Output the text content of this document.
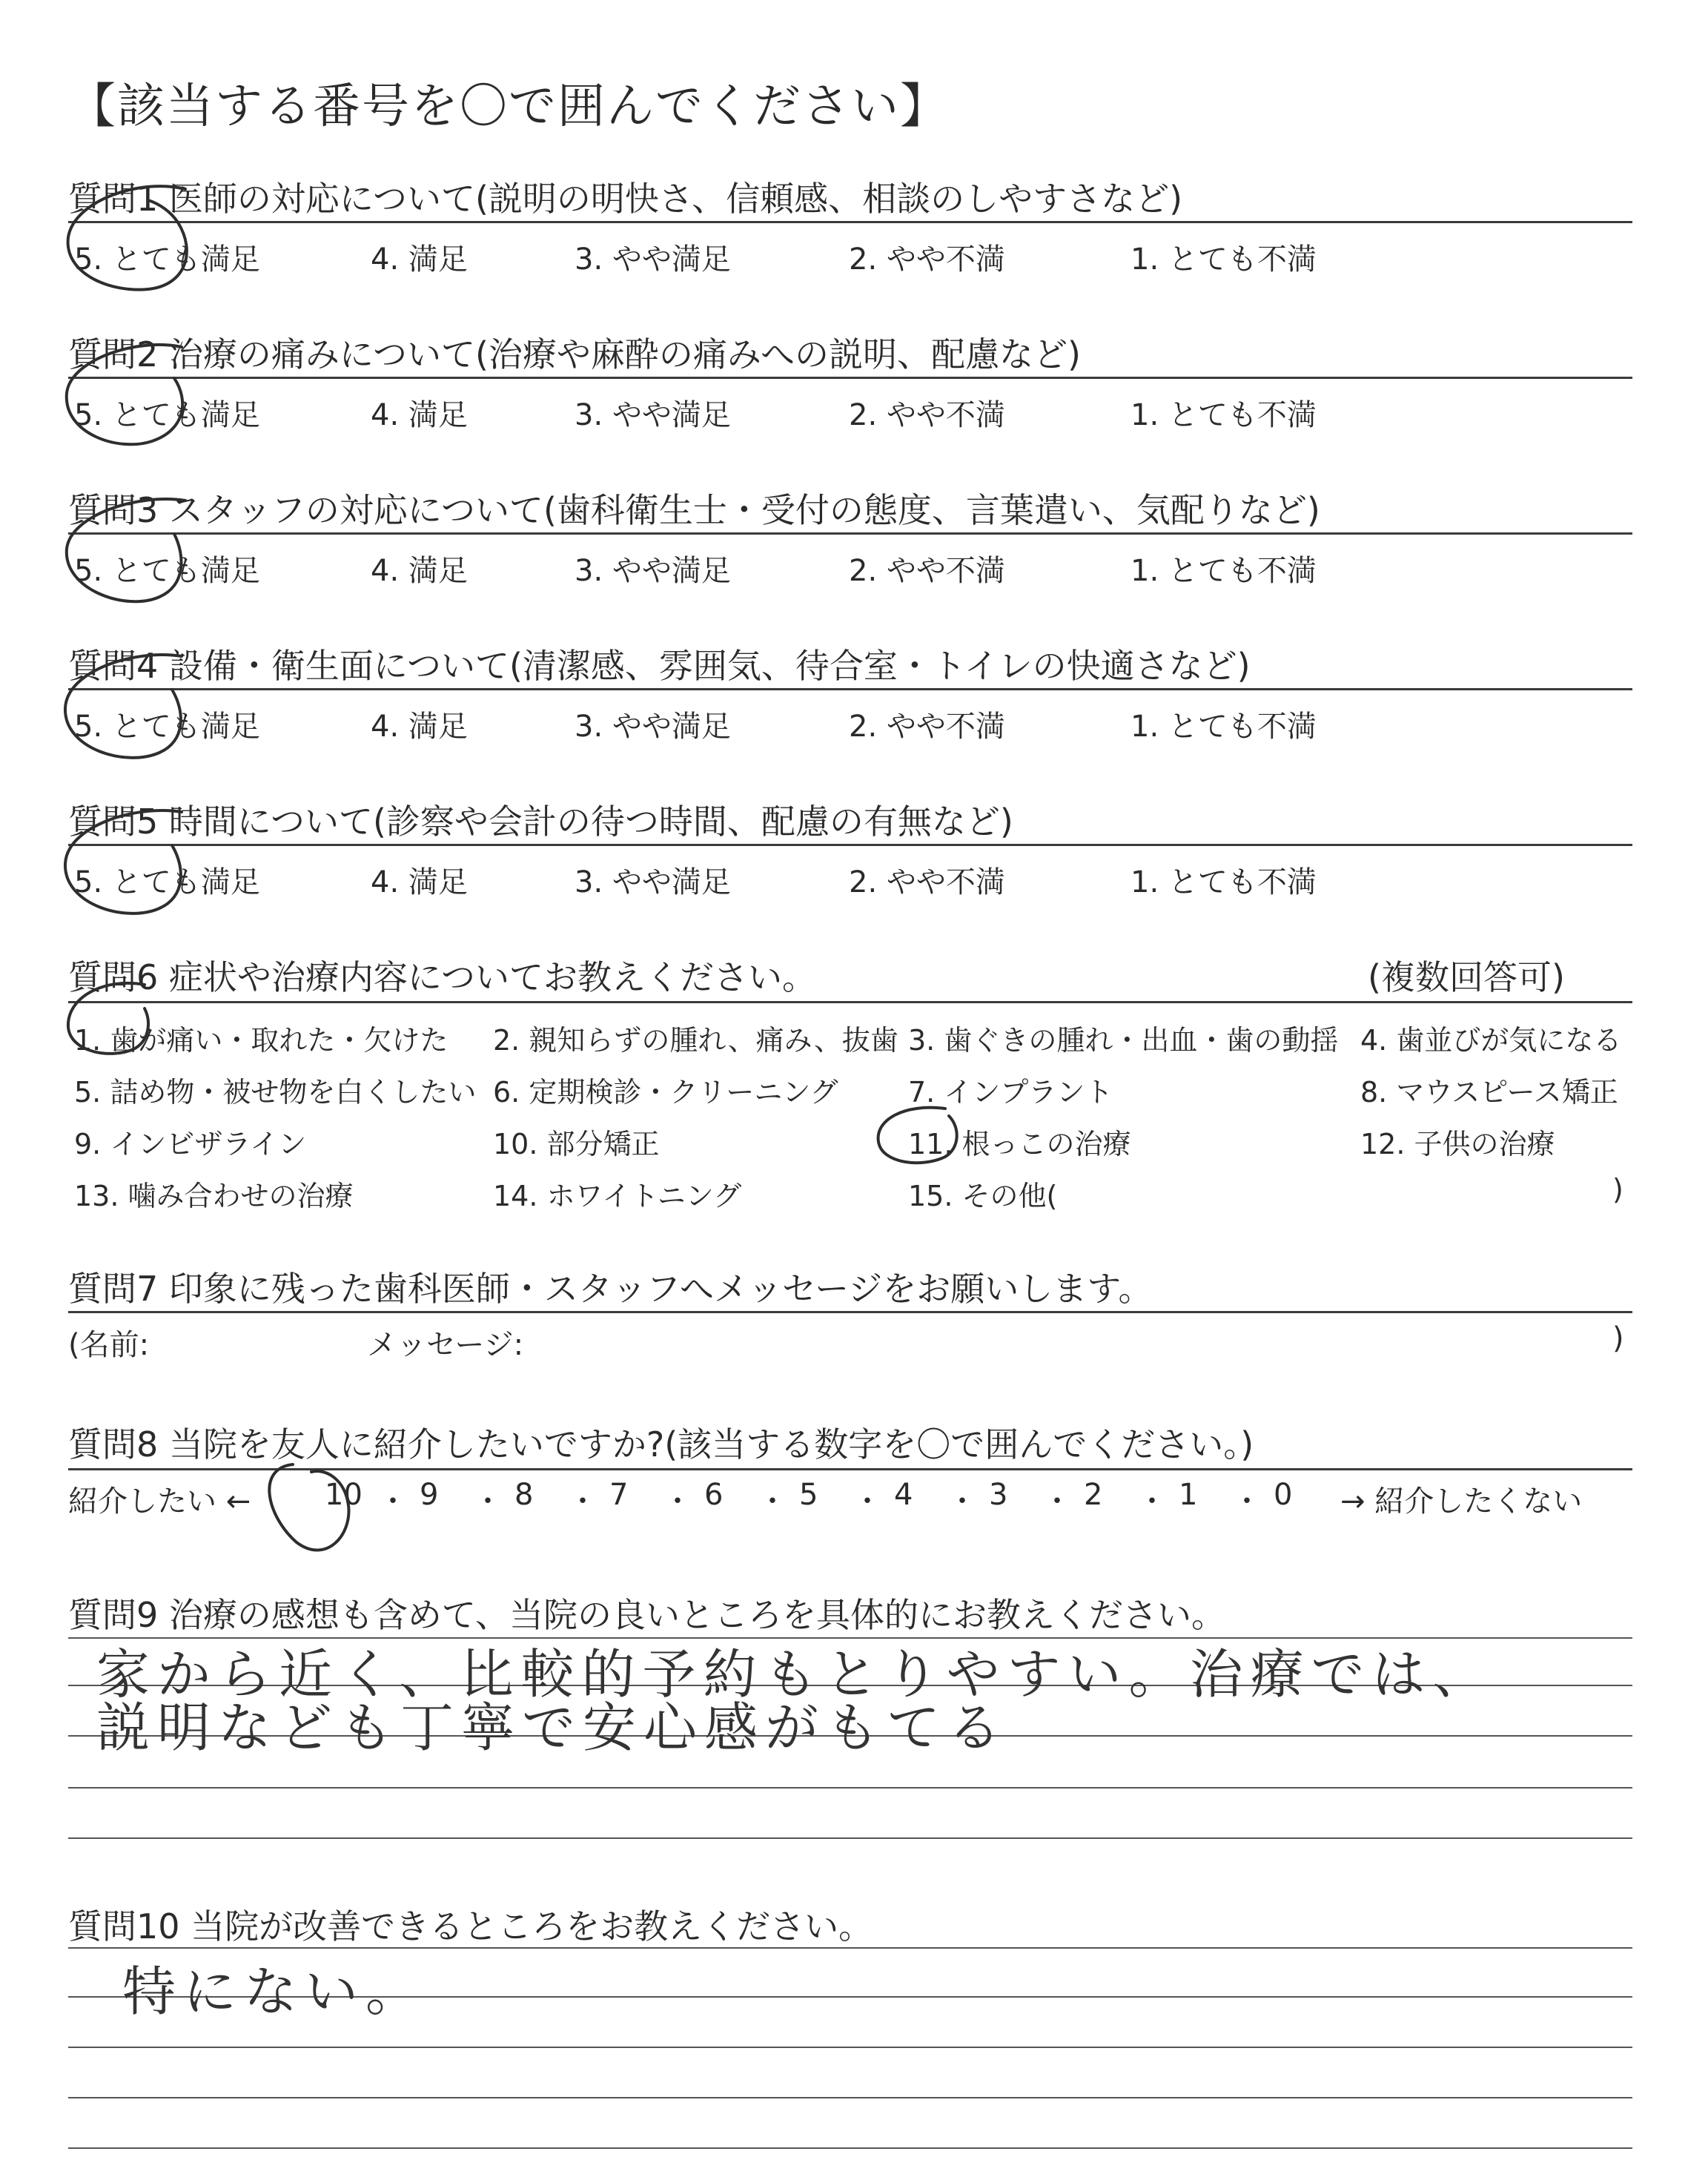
【該当する番号を〇で囲んでください】
質問1 医師の対応について(説明の明快さ、信頼感、相談のしやすさなど)
5. とても満足	4. 満足	3. やや満足	2. やや不満	1. とても不満
質問2 治療の痛みについて(治療や麻酔の痛みへの説明、配慮など)
5. とても満足	4. 満足	3. やや満足	2. やや不満	1. とても不満
質問3 スタッフの対応について(歯科衛生士・受付の態度、言葉遣い、気配りなど)
5. とても満足	4. 満足	3. やや満足	2. やや不満	1. とても不満
質問4 設備・衛生面について(清潔感、雰囲気、待合室・トイレの快適さなど)
5. とても満足	4. 満足	3. やや満足	2. やや不満	1. とても不満
質問5 時間について(診察や会計の待つ時間、配慮の有無など)
5. とても満足	4. 満足	3. やや満足	2. やや不満	1. とても不満
質問6 症状や治療内容についてお教えください。	(複数回答可)
1. 歯が痛い・取れた・欠けた 2. 親知らずの腫れ、痛み、抜歯 3. 歯ぐきの腫れ・出血・歯の動揺 4. 歯並びが気になる
5. 詰め物・被せ物を白くしたい 6. 定期検診・クリーニング 7. インプラント	8. マウスピース矯正
9. インビザライン	10. 部分矯正	11. 根っこの治療	12. 子供の治療
13. 噛み合わせの治療	14. ホワイトニング	15. その他(	)
質問7 印象に残った歯科医師・スタッフへメッセージをお願いします。
(名前:	メッセージ:	)
質問8 当院を友人に紹介したいですか?(該当する数字を〇で囲んでください。)
紹介したい ← 10 ・ 9 ・ 8 ・ 7 ・ 6 ・ 5 ・ 4 ・ 3 ・ 2 ・ 1 ・ 0 → 紹介したくない
質問9 治療の感想も含めて、当院の良いところを具体的にお教えください。
家から近く、比較的予約もとりやすい。治療では、
説明なども丁寧で安心感がもてる
質問10 当院が改善できるところをお教えください。
特にない。
